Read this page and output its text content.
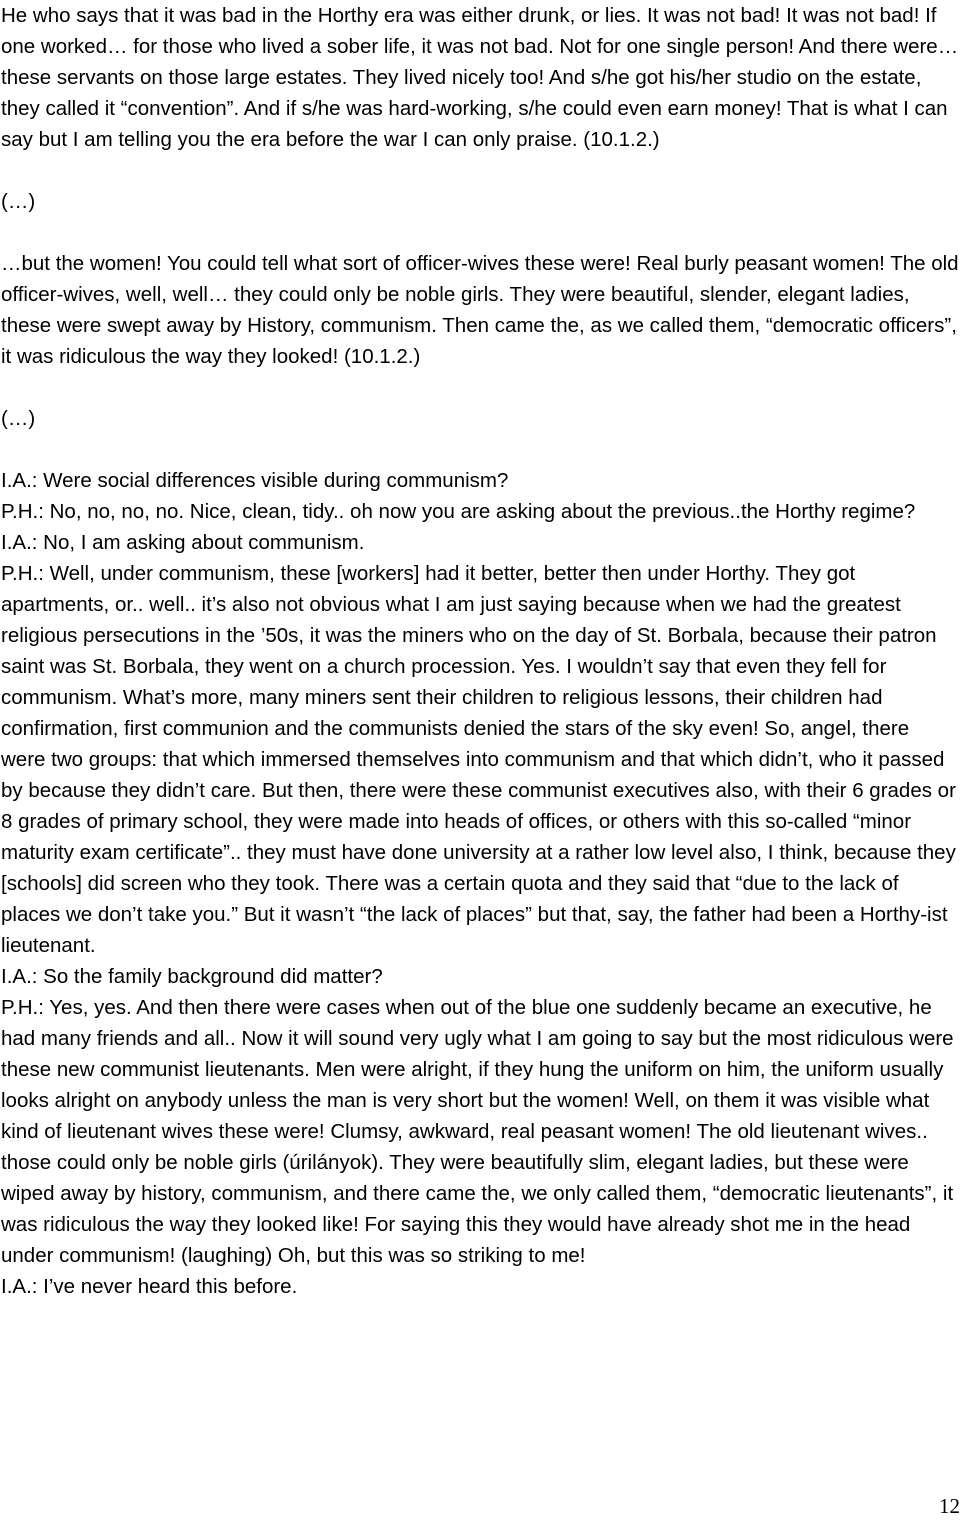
He who says that it was bad in the Horthy era was either drunk, or lies. It was not bad! It was not bad! If one worked… for those who lived a sober life, it was not bad. Not for one single person! And there were… these servants on those large estates. They lived nicely too! And s/he got his/her studio on the estate, they called it “convention”. And if s/he was hard-working, s/he could even earn money! That is what I can say but I am telling you the era before the war I can only praise. (10.1.2.)

(…)

…but the women! You could tell what sort of officer-wives these were! Real burly peasant women! The old officer-wives, well, well… they could only be noble girls. They were beautiful, slender, elegant ladies, these were swept away by History, communism. Then came the, as we called them, “democratic officers”, it was ridiculous the way they looked! (10.1.2.)

(…)

I.A.: Were social differences visible during communism?

P.H.: No, no, no, no. Nice, clean, tidy.. oh now you are asking about the previous..the Horthy regime?

I.A.: No, I am asking about communism.

P.H.: Well, under communism, these [workers] had it better, better then under Horthy. They got apartments, or.. well.. it’s also not obvious what I am just saying because when we had the greatest religious persecutions in the ’50s, it was the miners who on the day of St. Borbala, because their patron saint was St. Borbala, they went on a church procession. Yes. I wouldn’t say that even they fell for communism. What’s more, many miners sent their children to religious lessons, their children had confirmation, first communion and the communists denied the stars of the sky even! So, angel, there were two groups: that which immersed themselves into communism and that which didn’t, who it passed by because they didn’t care. But then, there were these communist executives also, with their 6 grades or 8 grades of primary school, they were made into heads of offices, or others with this so-called “minor maturity exam certificate”.. they must have done university at a rather low level also, I think, because they [schools] did screen who they took. There was a certain quota and they said that “due to the lack of places we don’t take you.” But it wasn’t “the lack of places” but that, say, the father had been a Horthy-ist lieutenant.

I.A.: So the family background did matter?

P.H.: Yes, yes. And then there were cases when out of the blue one suddenly became an executive, he had many friends and all.. Now it will sound very ugly what I am going to say but the most ridiculous were these new communist lieutenants. Men were alright, if they hung the uniform on him, the uniform usually looks alright on anybody unless the man is very short but the women! Well, on them it was visible what kind of lieutenant wives these were! Clumsy, awkward, real peasant women! The old lieutenant wives.. those could only be noble girls (úrilányok). They were beautifully slim, elegant ladies, but these were wiped away by history, communism, and there came the, we only called them, “democratic lieutenants”, it was ridiculous the way they looked like! For saying this they would have already shot me in the head under communism! (laughing) Oh, but this was so striking to me!

I.A.: I’ve never heard this before.

12
